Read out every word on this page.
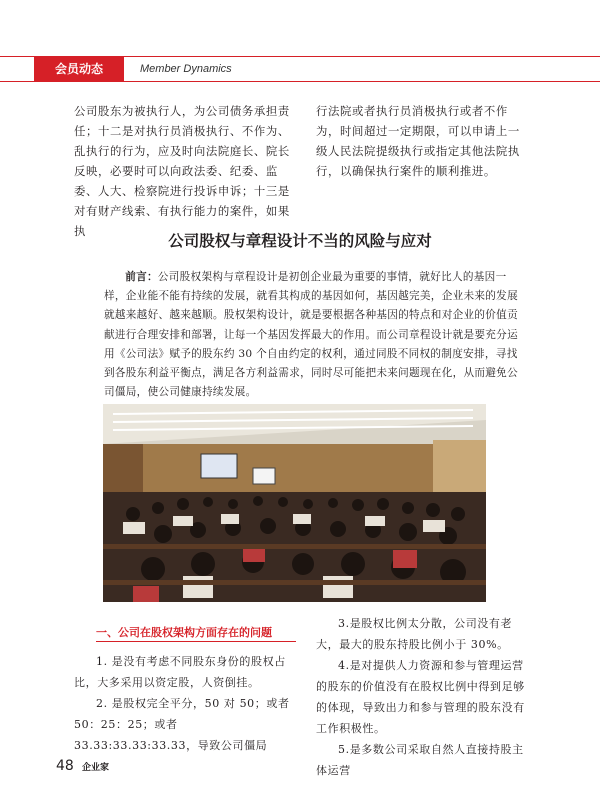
会员动态	Member Dynamics

公司股东为被执行人，为公司债务承担责任；十二是对执行员消极执行、不作为、乱执行的行为，应及时向法院庭长、院长反映，必要时可以向政法委、纪委、监委、人大、检察院进行投诉申诉；十三是对有财产线索、有执行能力的案件，如果执

行法院或者执行员消极执行或者不作为，时间超过一定期限，可以申请上一级人民法院提级执行或指定其他法院执行，以确保执行案件的顺利推进。

公司股权与章程设计不当的风险与应对
前言：公司股权架构与章程设计是初创企业最为重要的事情，就好比人的基因一样，企业能不能有持续的发展，就看其构成的基因如何，基因越完美，企业未来的发展就越来越好、越来越顺。股权架构设计，就是要根据各种基因的特点和对企业的价值贡献进行合理安排和部署，让每一个基因发挥最大的作用。而公司章程设计就是要充分运用《公司法》赋予的股东约 30 个自由约定的权利，通过同股不同权的制度安排，寻找到各股东利益平衡点，满足各方利益需求，同时尽可能把未来问题现在化，从而避免公司僵局，使公司健康持续发展。
一、公司在股权架构方面存在的问题

1. 是没有考虑不同股东身份的股权占比，大多采用以资定股，人资倒挂。

2. 是股权完全平分，50 对 50；或者 50：25：25；或者 33.33:33.33:33.33，导致公司僵局

3.是股权比例太分散，公司没有老大，最大的股东持股比例小于 30%。

4.是对提供人力资源和参与管理运营的股东的价值没有在股权比例中得到足够的体现，导致出力和参与管理的股东没有工作积极性。

5.是多数公司采取自然人直接持股主体运营

48 企业家
